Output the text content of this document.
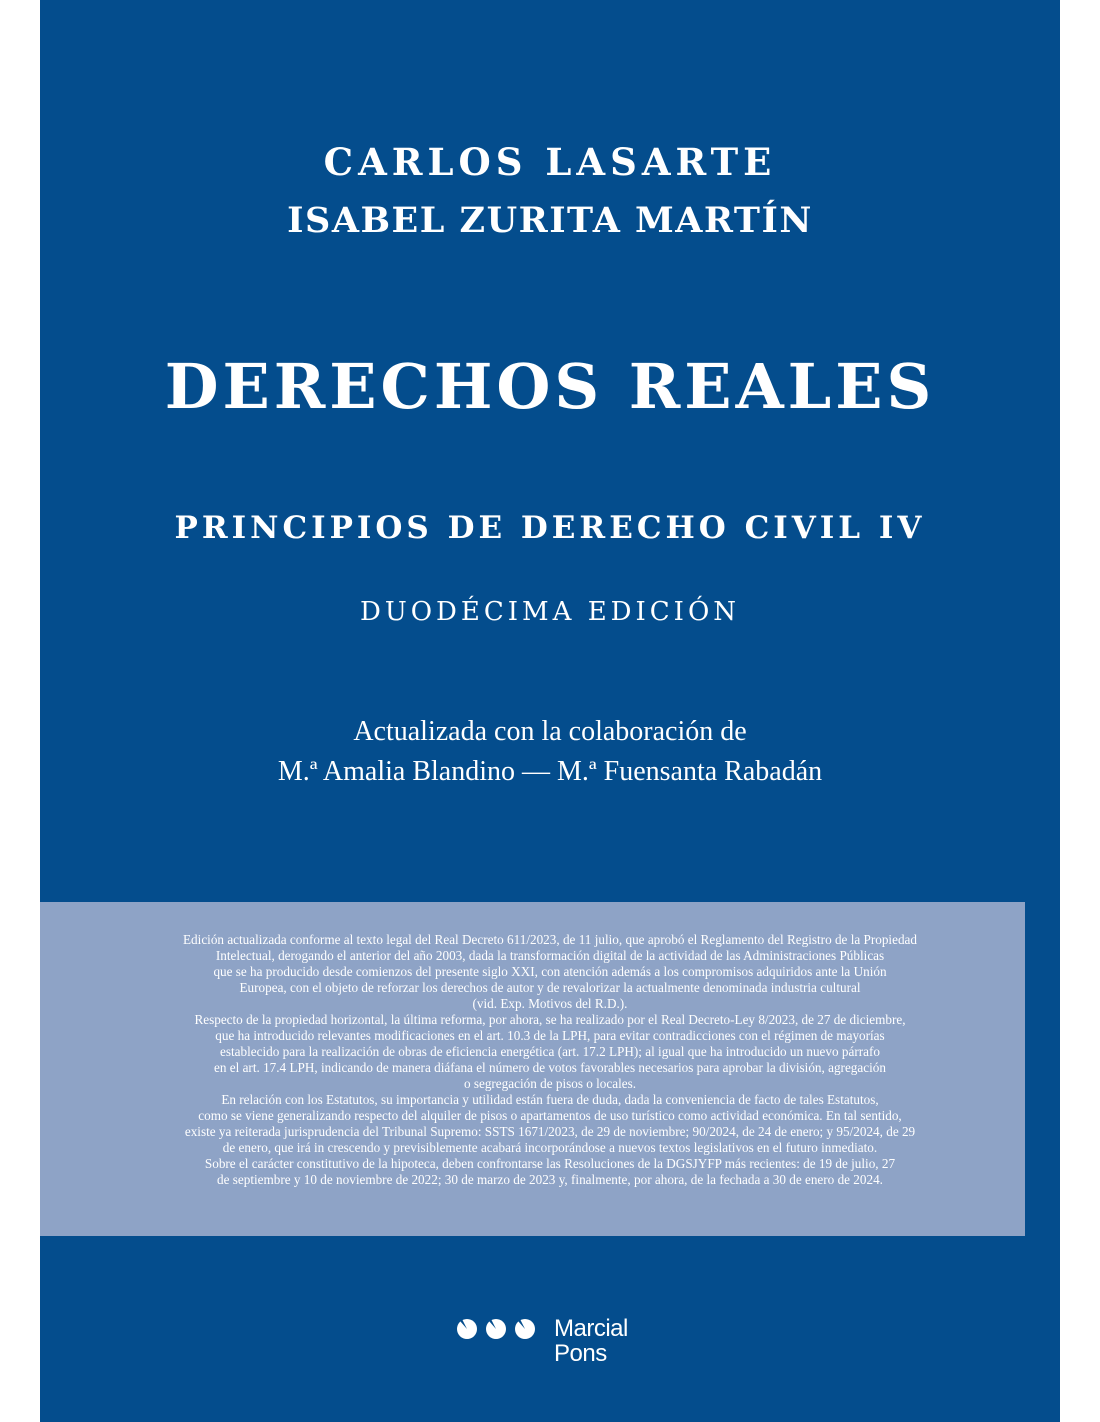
CARLOS LASARTE
ISABEL ZURITA MARTÍN
DERECHOS REALES
PRINCIPIOS DE DERECHO CIVIL IV
DUODÉCIMA EDICIÓN
Actualizada con la colaboración de
M.ª Amalia Blandino — M.ª Fuensanta Rabadán
Edición actualizada conforme al texto legal del Real Decreto 611/2023, de 11 julio, que aprobó el Reglamento del Registro de la Propiedad
Intelectual, derogando el anterior del año 2003, dada la transformación digital de la actividad de las Administraciones Públicas
que se ha producido desde comienzos del presente siglo XXI, con atención además a los compromisos adquiridos ante la Unión
Europea, con el objeto de reforzar los derechos de autor y de revalorizar la actualmente denominada industria cultural
(vid. Exp. Motivos del R.D.).
Respecto de la propiedad horizontal, la última reforma, por ahora, se ha realizado por el Real Decreto-Ley 8/2023, de 27 de diciembre,
que ha introducido relevantes modificaciones en el art. 10.3 de la LPH, para evitar contradicciones con el régimen de mayorías
establecido para la realización de obras de eficiencia energética (art. 17.2 LPH); al igual que ha introducido un nuevo párrafo
en el art. 17.4 LPH, indicando de manera diáfana el número de votos favorables necesarios para aprobar la división, agregación
o segregación de pisos o locales.
En relación con los Estatutos, su importancia y utilidad están fuera de duda, dada la conveniencia de facto de tales Estatutos,
como se viene generalizando respecto del alquiler de pisos o apartamentos de uso turístico como actividad económica. En tal sentido,
existe ya reiterada jurisprudencia del Tribunal Supremo: SSTS 1671/2023, de 29 de noviembre; 90/2024, de 24 de enero; y 95/2024, de 29
de enero, que irá in crescendo y previsiblemente acabará incorporándose a nuevos textos legislativos en el futuro inmediato.
Sobre el carácter constitutivo de la hipoteca, deben confrontarse las Resoluciones de la DGSJYFP más recientes: de 19 de julio, 27
de septiembre y 10 de noviembre de 2022; 30 de marzo de 2023 y, finalmente, por ahora, de la fechada a 30 de enero de 2024.
Marcial
Pons
